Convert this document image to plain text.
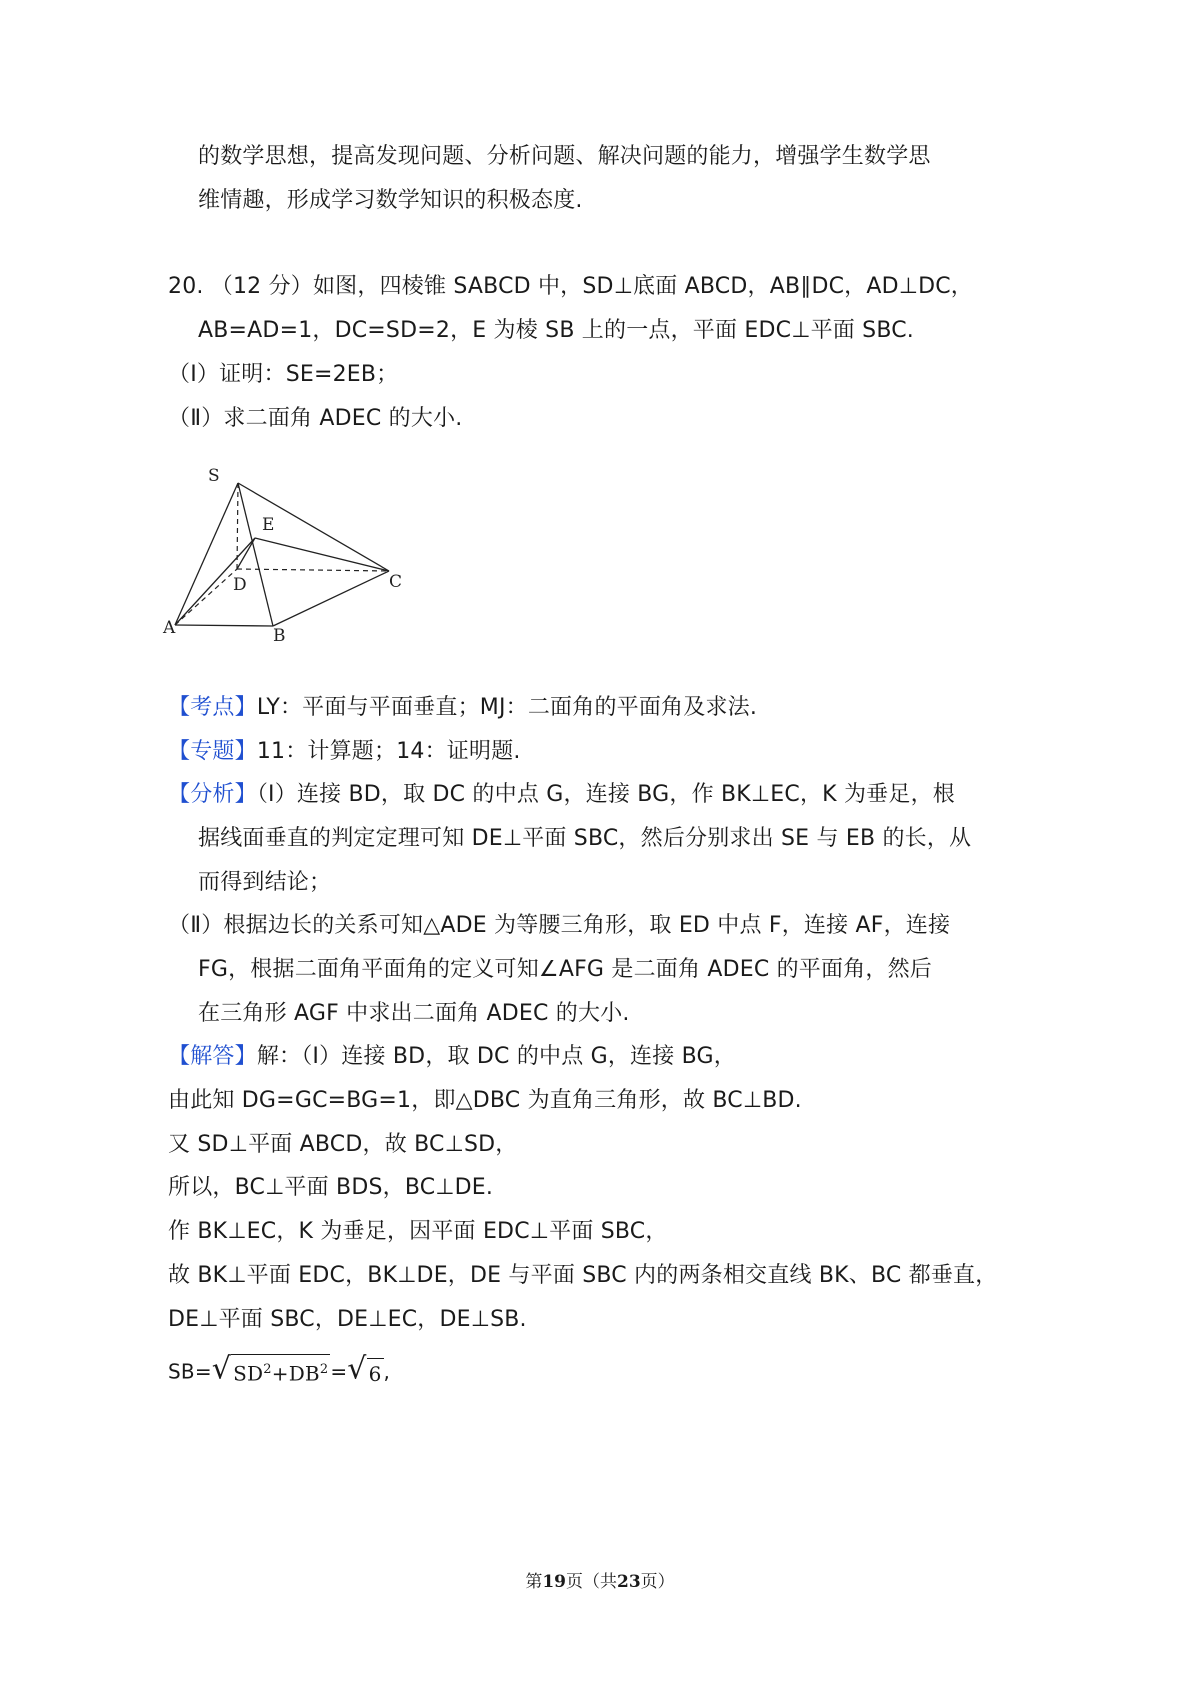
的数学思想，提高发现问题、分析问题、解决问题的能力，增强学生数学思
维情趣，形成学习数学知识的积极态度.
20. （12 分）如图，四棱锥 S​ABCD 中，SD⊥底面 ABCD，AB∥DC，AD⊥DC，
AB=AD=1，DC=SD=2，E 为棱 SB 上的一点，平面 EDC⊥平面 SBC.
（Ⅰ）证明：SE=2EB；
（Ⅱ）求二面角 A​DE​C 的大小.
S
E
D	C
A	B
【考点】LY：平面与平面垂直；MJ：二面角的平面角及求法.
【专题】11：计算题；14：证明题.
【分析】（Ⅰ）连接 BD，取 DC 的中点 G，连接 BG，作 BK⊥EC，K 为垂足，根
据线面垂直的判定定理可知 DE⊥平面 SBC，然后分别求出 SE 与 EB 的长，从
而得到结论；
（Ⅱ）根据边长的关系可知△ADE 为等腰三角形，取 ED 中点 F，连接 AF，连接
FG，根据二面角平面角的定义可知∠AFG 是二面角 A​DE​C 的平面角，然后
在三角形 AGF 中求出二面角 A​DE​C 的大小.
【解答】解：（Ⅰ）连接 BD，取 DC 的中点 G，连接 BG，
由此知 DG=GC=BG=1，即△DBC 为直角三角形，故 BC⊥BD.
又 SD⊥平面 ABCD，故 BC⊥SD，
所以，BC⊥平面 BDS，BC⊥DE.
作 BK⊥EC，K 为垂足，因平面 EDC⊥平面 SBC，
故 BK⊥平面 EDC，BK⊥DE，DE 与平面 SBC 内的两条相交直线 BK、BC 都垂直，
DE⊥平面 SBC，DE⊥EC，DE⊥SB.
SB=√ $SD^2+DB^2$ =√ 6 ,
第19页（共23页）
